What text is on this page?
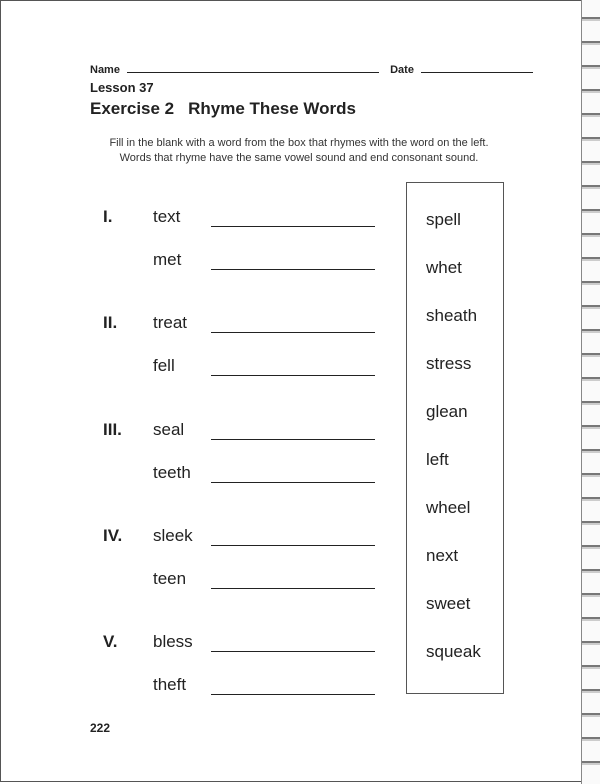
Name	Date
Lesson 37
Exercise 2 Rhyme These Words
Fill in the blank with a word from the box that rhymes with the word on the left.
Words that rhyme have the same vowel sound and end consonant sound.
I. text
met
II. treat
fell
III. seal
teeth
IV. sleek
teen
V. bless
theft
spell
whet
sheath
stress
glean
left
wheel
next
sweet
squeak
222
